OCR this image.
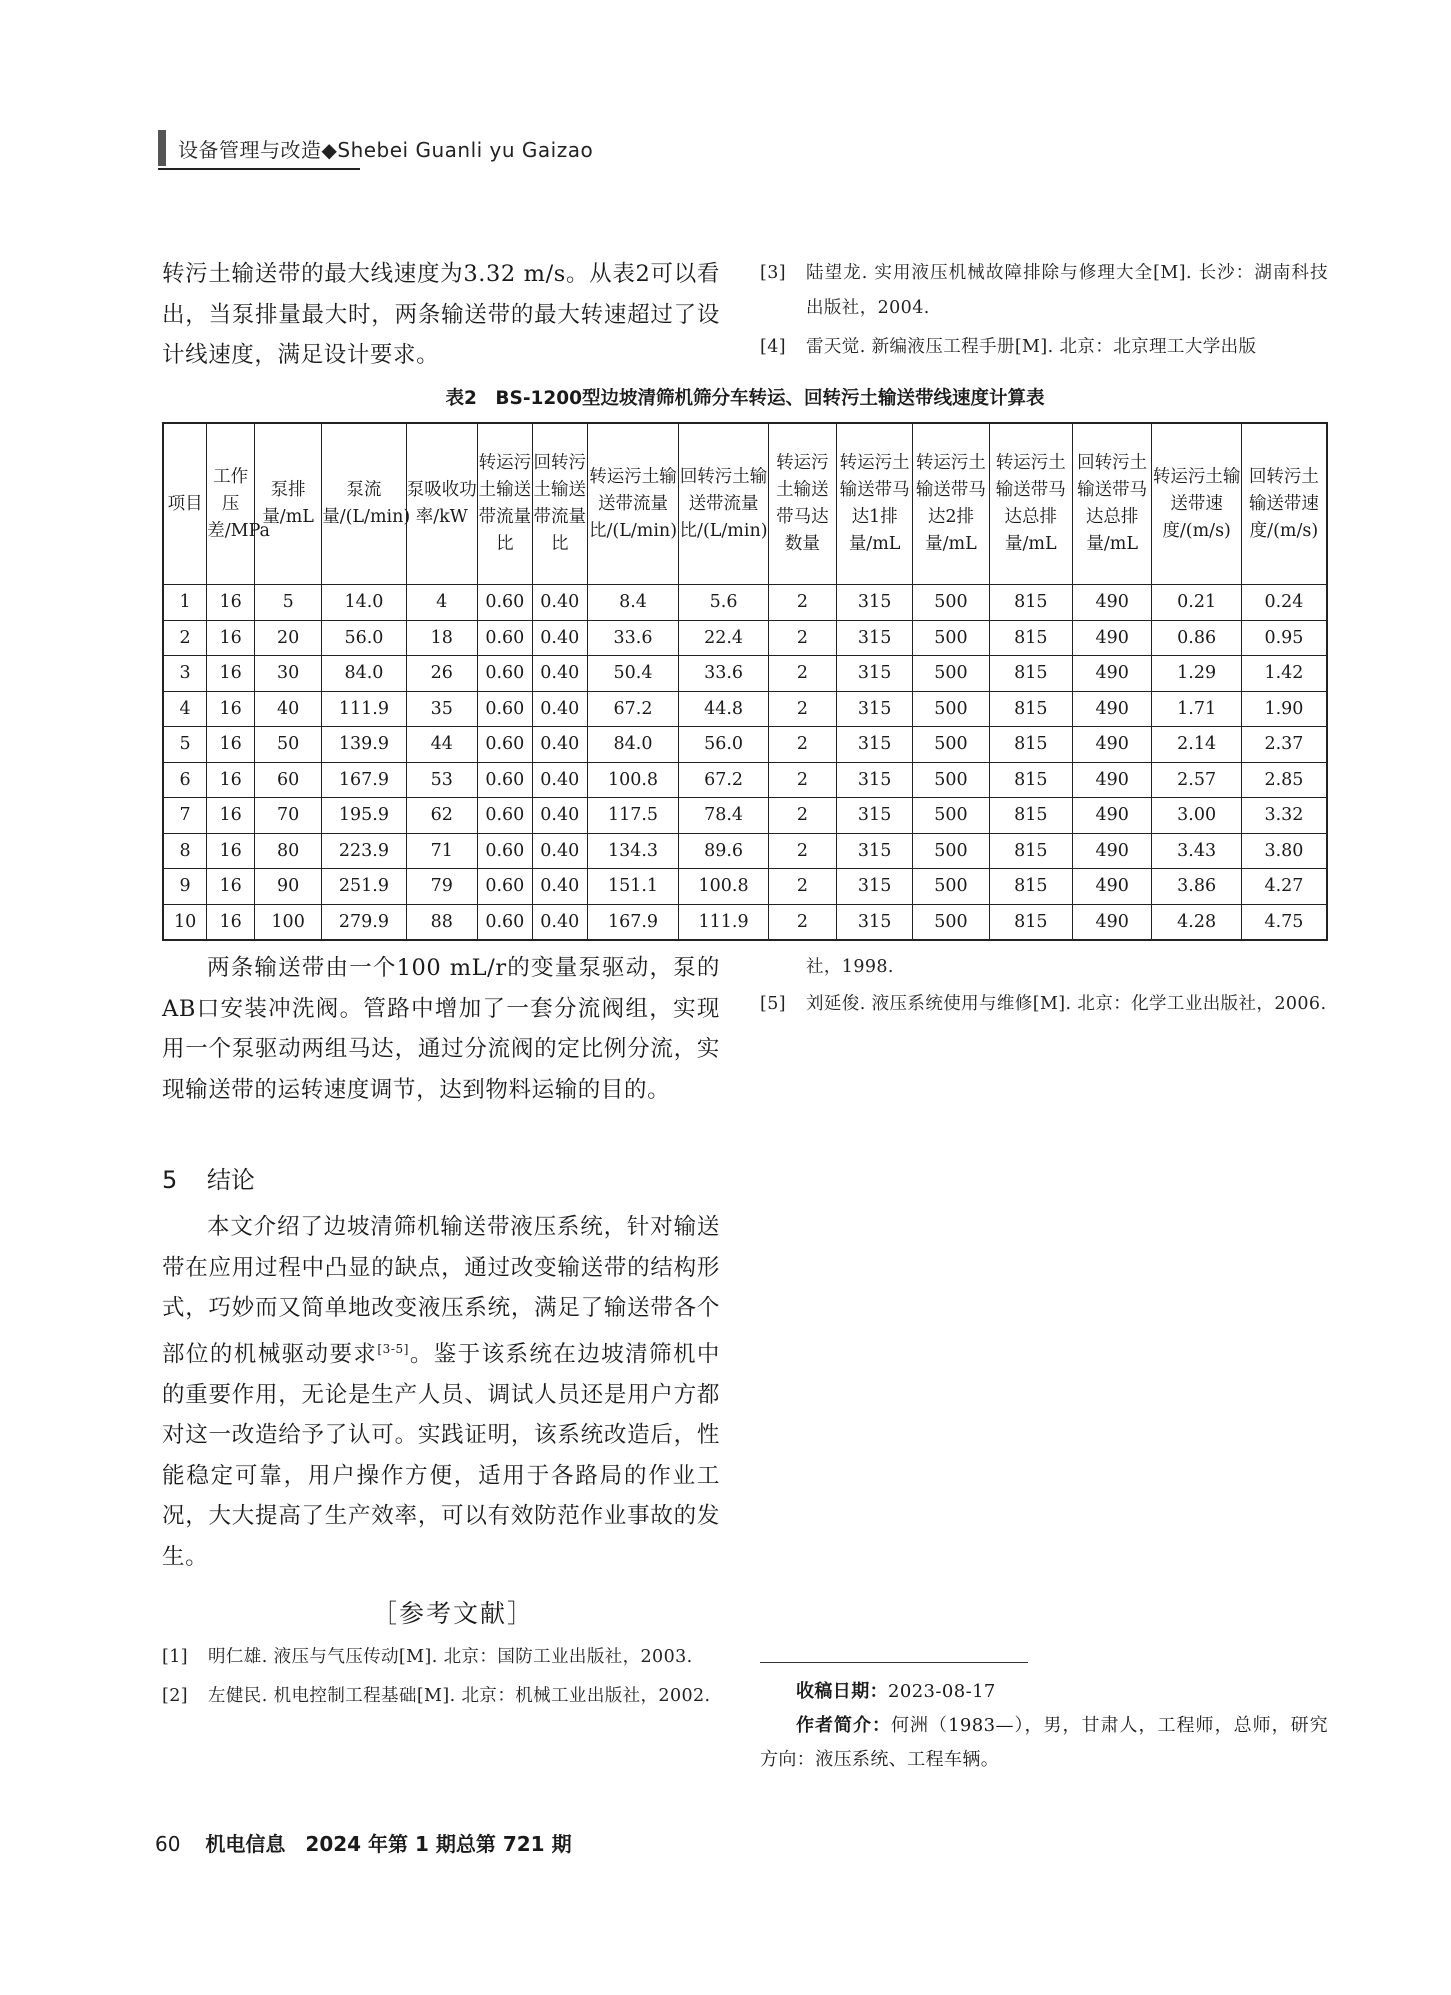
设备管理与改造◆Shebei Guanli yu Gaizao

转污土输送带的最大线速度为3.32 m/s。从表2可以看出，当泵排量最大时，两条输送带的最大转速超过了设计线速度，满足设计要求。

[3]	陆望龙. 实用液压机械故障排除与修理大全[M]. 长沙：湖南科技出版社，2004.
[4]	雷天觉. 新编液压工程手册[M]. 北京：北京理工大学出版
表2　BS-1200型边坡清筛机筛分车转运、回转污土输送带线速度计算表
项目	工作压差/MPa	泵排量/mL	泵流量/(L/min)	泵吸收功率/kW	转运污土输送带流量比	回转污土输送带流量比	转运污土输送带流量比/(L/min)	回转污土输送带流量比/(L/min)	转运污土输送带马达数量	转运污土输送带马达1排量/mL	转运污土输送带马达2排量/mL	转运污土输送带马达总排量/mL	回转污土输送带马达总排量/mL	转运污土输送带速度/(m/s)	回转污土输送带速度/(m/s)
1	16	5	14.0	4	0.60	0.40	8.4	5.6	2	315	500	815	490	0.21	0.24
2	16	20	56.0	18	0.60	0.40	33.6	22.4	2	315	500	815	490	0.86	0.95
3	16	30	84.0	26	0.60	0.40	50.4	33.6	2	315	500	815	490	1.29	1.42
4	16	40	111.9	35	0.60	0.40	67.2	44.8	2	315	500	815	490	1.71	1.90
5	16	50	139.9	44	0.60	0.40	84.0	56.0	2	315	500	815	490	2.14	2.37
6	16	60	167.9	53	0.60	0.40	100.8	67.2	2	315	500	815	490	2.57	2.85
7	16	70	195.9	62	0.60	0.40	117.5	78.4	2	315	500	815	490	3.00	3.32
8	16	80	223.9	71	0.60	0.40	134.3	89.6	2	315	500	815	490	3.43	3.80
9	16	90	251.9	79	0.60	0.40	151.1	100.8	2	315	500	815	490	3.86	4.27
10	16	100	279.9	88	0.60	0.40	167.9	111.9	2	315	500	815	490	4.28	4.75

两条输送带由一个100 mL/r的变量泵驱动，泵的AB口安装冲洗阀。管路中增加了一套分流阀组，实现用一个泵驱动两组马达，通过分流阀的定比例分流，实现输送带的运转速度调节，达到物料运输的目的。

社，1998.
[5]	刘延俊. 液压系统使用与维修[M]. 北京：化学工业出版社，2006.
5 结论

本文介绍了边坡清筛机输送带液压系统，针对输送带在应用过程中凸显的缺点，通过改变输送带的结构形式，巧妙而又简单地改变液压系统，满足了输送带各个部位的机械驱动要求[3-5]。鉴于该系统在边坡清筛机中的重要作用，无论是生产人员、调试人员还是用户方都对这一改造给予了认可。实践证明，该系统改造后，性能稳定可靠，用户操作方便，适用于各路局的作业工况，大大提高了生产效率，可以有效防范作业事故的发生。

［参考文献］
[1]	明仁雄. 液压与气压传动[M]. 北京：国防工业出版社，2003.
[2]	左健民. 机电控制工程基础[M]. 北京：机械工业出版社，2002.	收稿日期：2023-08-17
作者简介：何洲（1983—），男，甘肃人，工程师，总师，研究方向：液压系统、工程车辆。
60 机电信息　2024 年第 1 期总第 721 期
